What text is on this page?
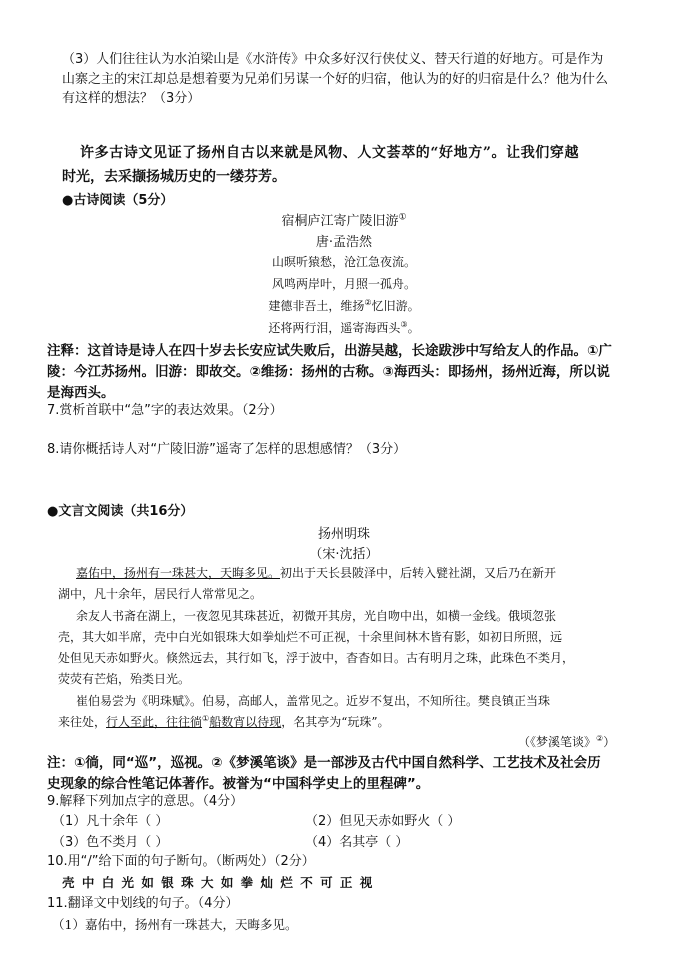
（3）人们往往认为水泊梁山是《水浒传》中众多好汉行侠仗义、替天行道的好地方。可是作为
山寨之主的宋江却总是想着要为兄弟们另谋一个好的归宿，他认为的好的归宿是什么？他为什么
有这样的想法？（3分）
许多古诗文见证了扬州自古以来就是风物、人文荟萃的“好地方”。让我们穿越
时光，去采撷扬城历史的一缕芬芳。
●古诗阅读（5分）
宿桐庐江寄广陵旧游①
唐·孟浩然
山暝听猿愁，沧江急夜流。
风鸣两岸叶，月照一孤舟。
建德非吾土，维扬②忆旧游。
还将两行泪，遥寄海西头③。
注释：这首诗是诗人在四十岁去长安应试失败后，出游吴越，长途跋涉中写给友人的作品。①广
陵：今江苏扬州。旧游：即故交。②维扬：扬州的古称。③海西头：即扬州，扬州近海，所以说
是海西头。
7.赏析首联中“急”字的表达效果。（2分）
8.请你概括诗人对“广陵旧游”遥寄了怎样的思想感情？（3分）
●文言文阅读（共16分）
扬州明珠
（宋·沈括）
嘉佑中，扬州有一珠甚大，天晦多见。初出于天长县陂泽中，后转入甓社湖，又后乃在新开
湖中，凡十余年，居民行人常常见之。
余友人书斋在湖上，一夜忽见其珠甚近，初微开其房，光自吻中出，如横一金线。俄顷忽张
壳，其大如半席，壳中白光如银珠大如拳灿烂不可正视，十余里间林木皆有影，如初日所照，远
处但见天赤如野火。倏然远去，其行如飞，浮于波中，杳杳如日。古有明月之珠，此珠色不类月，
荧荧有芒焰，殆类日光。
崔伯易尝为《明珠赋》。伯易，高邮人，盖常见之。近岁不复出，不知所往。樊良镇正当珠
来往处，行人至此，往往徜①船数宵以待现，名其亭为“玩珠”。
（《梦溪笔谈》②）
注：①徜，同“巡”，巡视。②《梦溪笔谈》是一部涉及古代中国自然科学、工艺技术及社会历
史现象的综合性笔记体著作。被誉为“中国科学史上的里程碑”。
9.解释下列加点字的意思。（4分）
（1）凡十余年（ ）	（2）但见天赤如野火（ ）
（3）色不类月（ ）	（4）名其亭（ ）
10.用“/”给下面的句子断句。（断两处）（2分）
壳 中 白 光 如 银 珠 大 如 拳 灿 烂 不 可 正 视
11.翻译文中划线的句子。（4分）
（1）嘉佑中，扬州有一珠甚大，天晦多见。
